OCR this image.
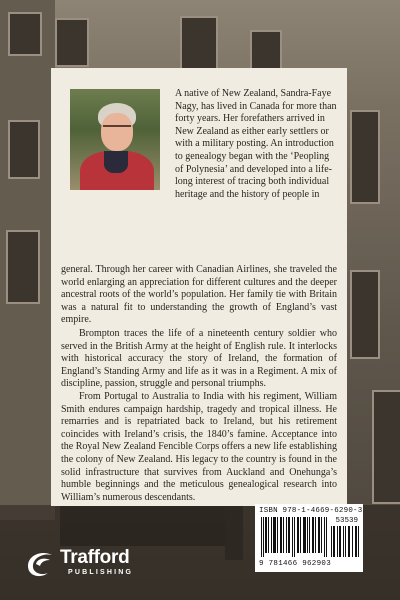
A native of New Zealand, Sandra-Faye Nagy, has lived in Canada for more than forty years. Her forefathers arrived in New Zealand as either early settlers or with a military posting. An introduction to genealogy began with the ‘Peopling of Polynesia’ and developed into a life-long interest of tracing both individual heritage and the history of people in

general. Through her career with Canadian Airlines, she traveled the world enlarging an appreciation for different cultures and the deeper ancestral roots of the world’s population. Her family tie with Britain was a natural fit to understanding the growth of England’s vast empire.

Brompton traces the life of a nineteenth century soldier who served in the British Army at the height of English rule. It interlocks with historical accuracy the story of Ireland, the formation of England’s Standing Army and life as it was in a Regiment. A mix of discipline, passion, struggle and personal triumphs.

From Portugal to Australia to India with his regiment, William Smith endures campaign hardship, tragedy and tropical illness. He remarries and is repatriated back to Ireland, but his retirement coincides with Ireland’s crisis, the 1840’s famine. Acceptance into the Royal New Zealand Fencible Corps offers a new life establishing the colony of New Zealand. His legacy to the country is found in the solid infrastructure that survives from Auckland and Onehunga’s humble beginnings and the meticulous genealogical research into William’s numerous descendants.

ISBN 978-1-4669-6290-3
53539
9 781466 962903
Trafford
PUBLISHING
